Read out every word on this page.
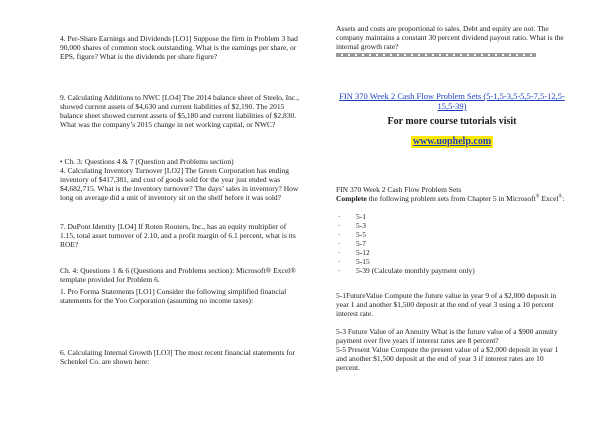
4. Per-Share Earnings and Dividends [LO1] Suppose the firm in Problem 3 had 90,000 shares of common stock outstanding. What is the earnings per share, or EPS, figure? What is the dividends per share figure?

9. Calculating Additions to NWC [LO4] The 2014 balance sheet of Steelo, Inc., showed current assets of $4,630 and current liabilities of $2,190. The 2015 balance sheet showed current assets of $5,180 and current liabilities of $2,830. What was the company’s 2015 change in net working capital, or NWC?

• Ch. 3: Questions 4 & 7 (Question and Problems section)

4. Calculating Inventory Turnover [LO2] The Green Corporation has ending inventory of $417,381, and cost of goods sold for the year just ended was $4,682,715. What is the inventory turnover? The days’ sales in inventory? How long on average did a unit of inventory sit on the shelf before it was sold?

7. DuPont Identity [LO4] If Roten Rooters, Inc., has an equity multiplier of 1.15, total asset turnover of 2.10, and a profit margin of 6.1 percent, what is its ROE?

Ch. 4: Questions 1 & 6 (Questions and Problems section): Microsoft® Excel® template provided for Problem 6.

1. Pro Forma Statements [LO1] Consider the following simplified financial statements for the Yoo Corporation (assuming no income taxes):

6. Calculating Internal Growth [LO3] The most recent financial statements for Schenkel Co. are shown here:

Assets and costs are proportional to sales. Debt and equity are not. The company maintains a constant 30 percent dividend payout ratio. What is the internal growth rate?

FIN 370 Week 2 Cash Flow Problem Sets (5-1,5-3,5-5,5-7,5-12,5-15,5-39)

For more course tutorials visit

www.uophelp.com

FIN 370 Week 2 Cash Flow Problem Sets

Complete the following problem sets from Chapter 5 in Microsoft® Excel®:

· 5-1
· 5-3
· 5-5
· 5-7
· 5-12
· 5-15
· 5-39 (Calculate monthly payment only)

5-1FutureValue Compute the future value in year 9 of a $2,000 deposit in year 1 and another $1,500 deposit at the end of year 3 using a 10 percent interest rate.

5-3 Future Value of an Annuity What is the future value of a $900 annuity payment over five years if interest rates are 8 percent?

5-5 Present Value Compute the present value of a $2,000 deposit in year 1 and another $1,500 deposit at the end of year 3 if interest rates are 10 percent.
